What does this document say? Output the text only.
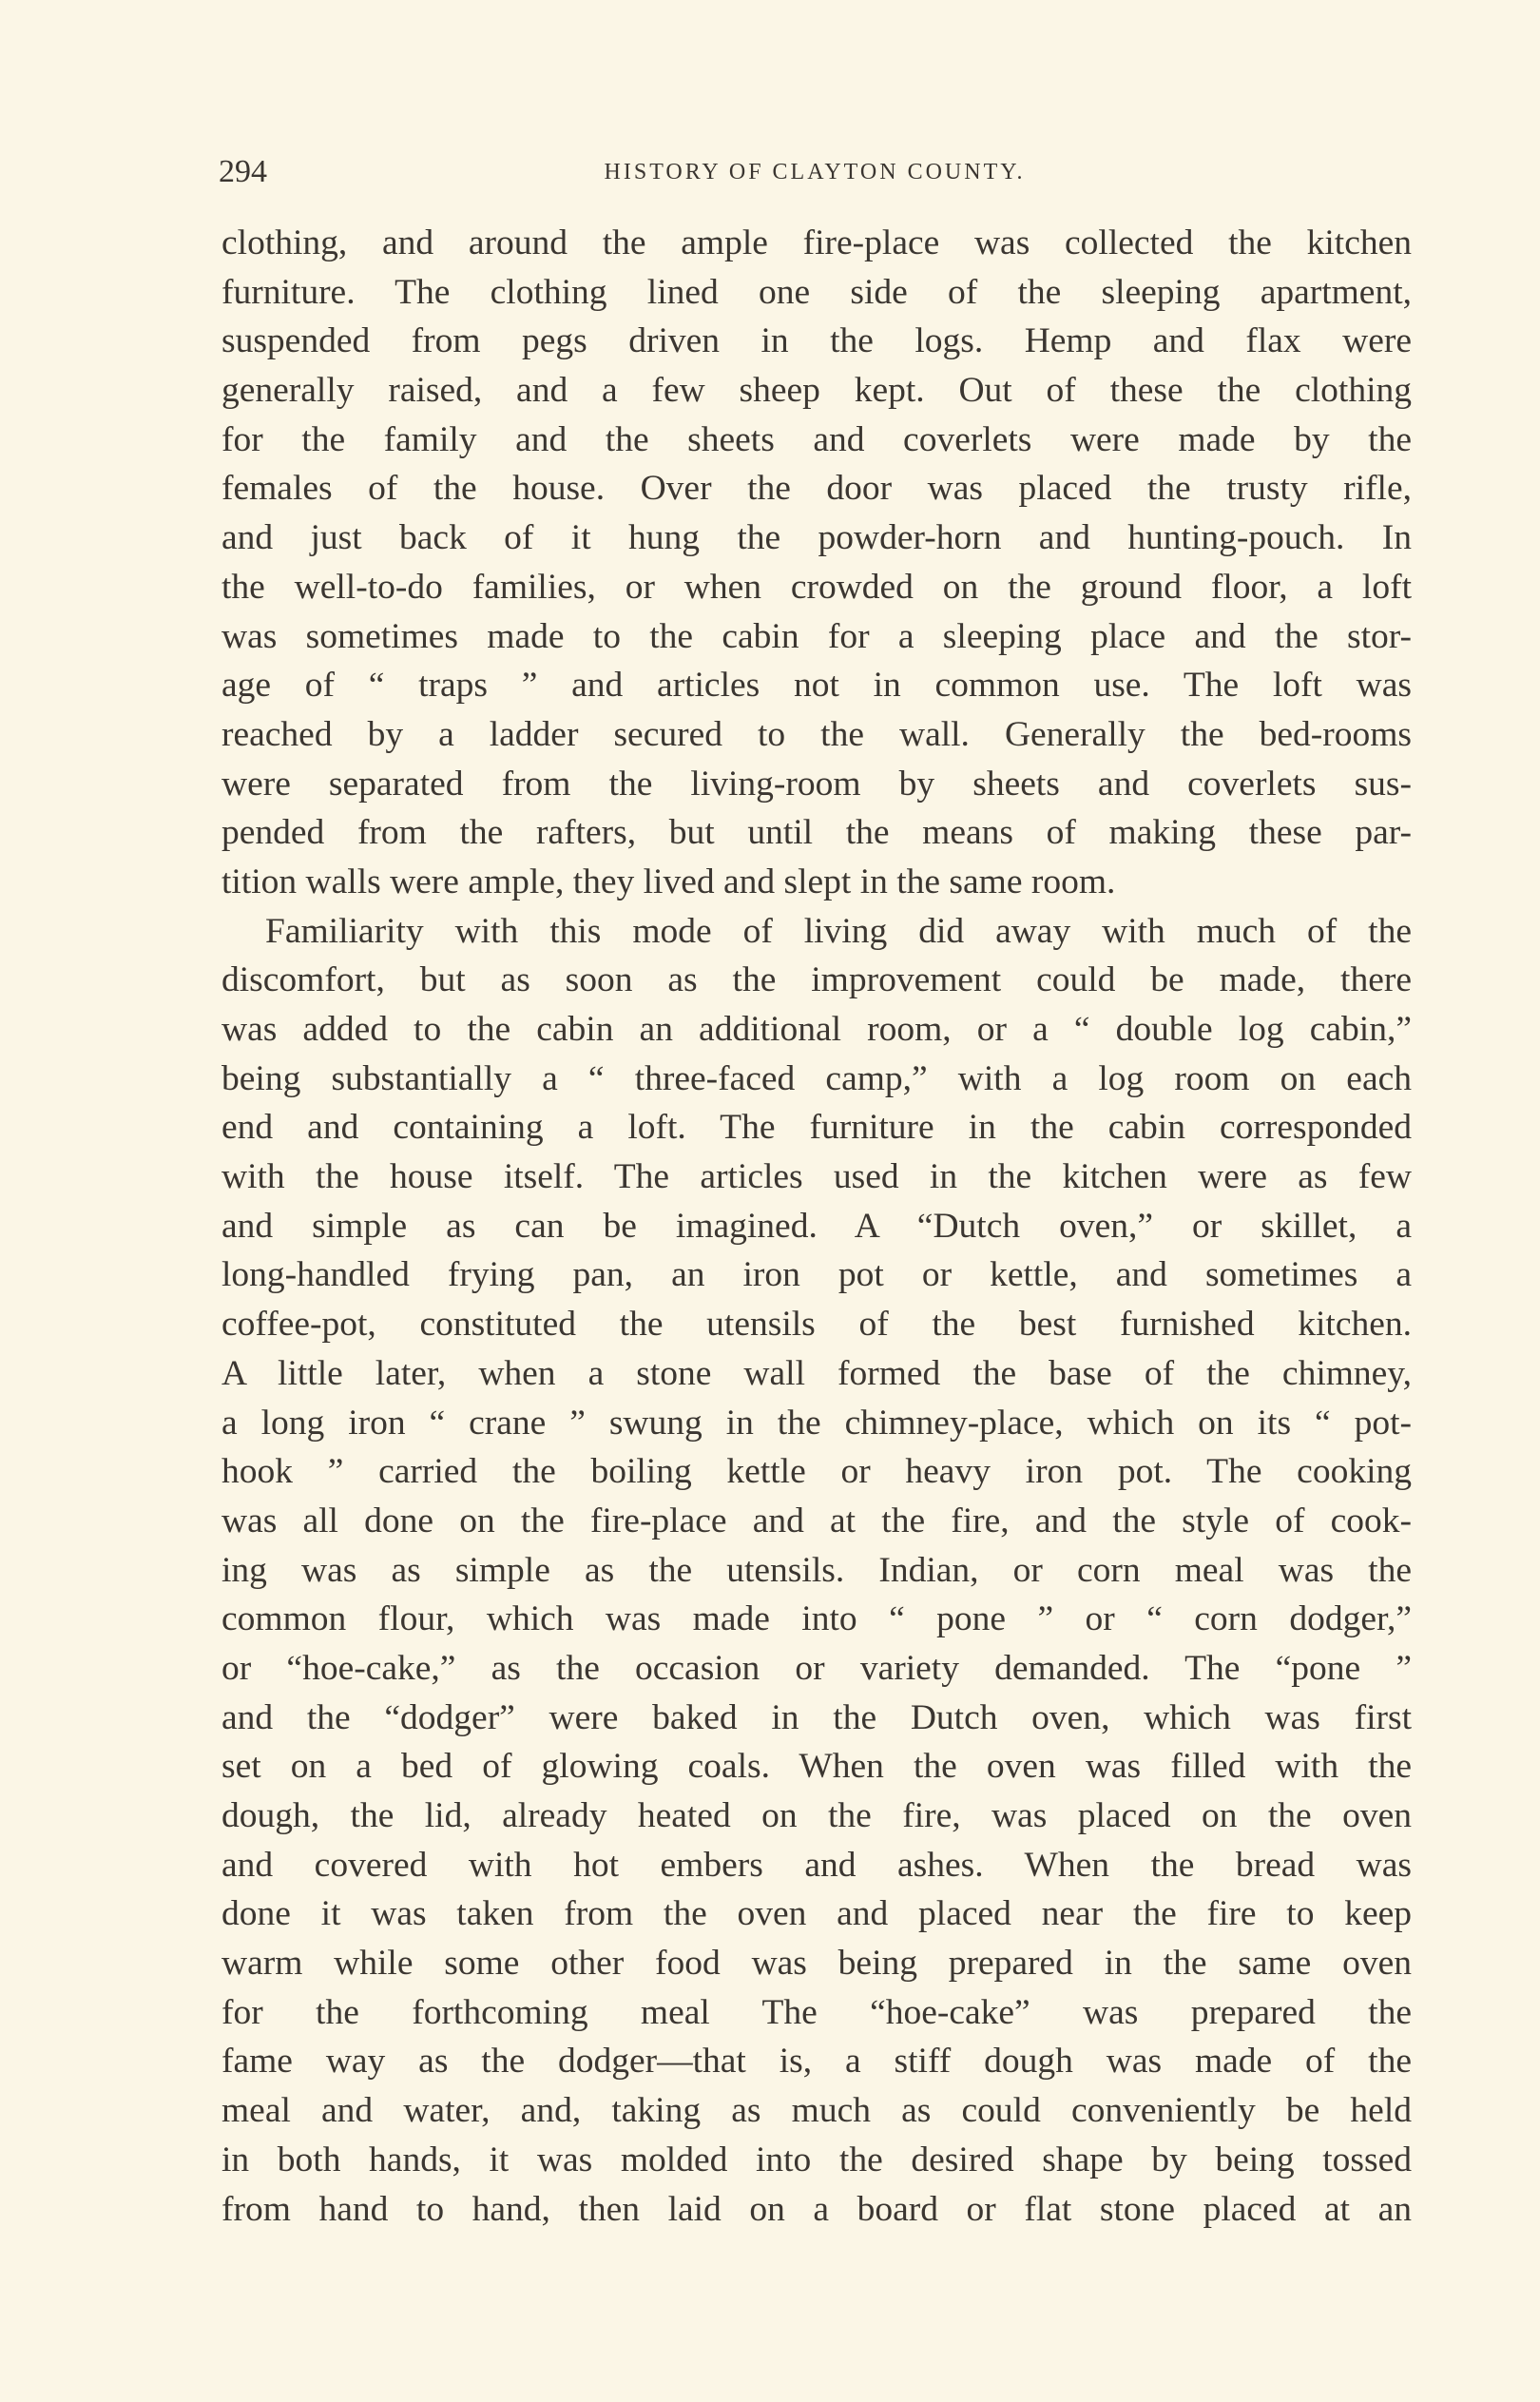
294	HISTORY OF CLAYTON COUNTY.
clothing, and around the ample fire-place was collected the kitchen
furniture. The clothing lined one side of the sleeping apartment,
suspended from pegs driven in the logs. Hemp and flax were
generally raised, and a few sheep kept. Out of these the clothing
for the family and the sheets and coverlets were made by the
females of the house. Over the door was placed the trusty rifle,
and just back of it hung the powder-horn and hunting-pouch. In
the well-to-do families, or when crowded on the ground floor, a loft
was sometimes made to the cabin for a sleeping place and the stor-
age of “ traps ” and articles not in common use. The loft was
reached by a ladder secured to the wall. Generally the bed-rooms
were separated from the living-room by sheets and coverlets sus-
pended from the rafters, but until the means of making these par-
tition walls were ample, they lived and slept in the same room.
Familiarity with this mode of living did away with much of the
discomfort, but as soon as the improvement could be made, there
was added to the cabin an additional room, or a “ double log cabin,”
being substantially a “ three-faced camp,” with a log room on each
end and containing a loft. The furniture in the cabin corresponded
with the house itself. The articles used in the kitchen were as few
and simple as can be imagined. A “Dutch oven,” or skillet, a
long-handled frying pan, an iron pot or kettle, and sometimes a
coffee-pot, constituted the utensils of the best furnished kitchen.
A little later, when a stone wall formed the base of the chimney,
a long iron “ crane ” swung in the chimney-place, which on its “ pot-
hook ” carried the boiling kettle or heavy iron pot. The cooking
was all done on the fire-place and at the fire, and the style of cook-
ing was as simple as the utensils. Indian, or corn meal was the
common flour, which was made into “ pone ” or “ corn dodger,”
or “hoe-cake,” as the occasion or variety demanded. The “pone ”
and the “dodger” were baked in the Dutch oven, which was first
set on a bed of glowing coals. When the oven was filled with the
dough, the lid, already heated on the fire, was placed on the oven
and covered with hot embers and ashes. When the bread was
done it was taken from the oven and placed near the fire to keep
warm while some other food was being prepared in the same oven
for the forthcoming meal The “hoe-cake” was prepared the
fame way as the dodger—that is, a stiff dough was made of the
meal and water, and, taking as much as could conveniently be held
in both hands, it was molded into the desired shape by being tossed
from hand to hand, then laid on a board or flat stone placed at an
